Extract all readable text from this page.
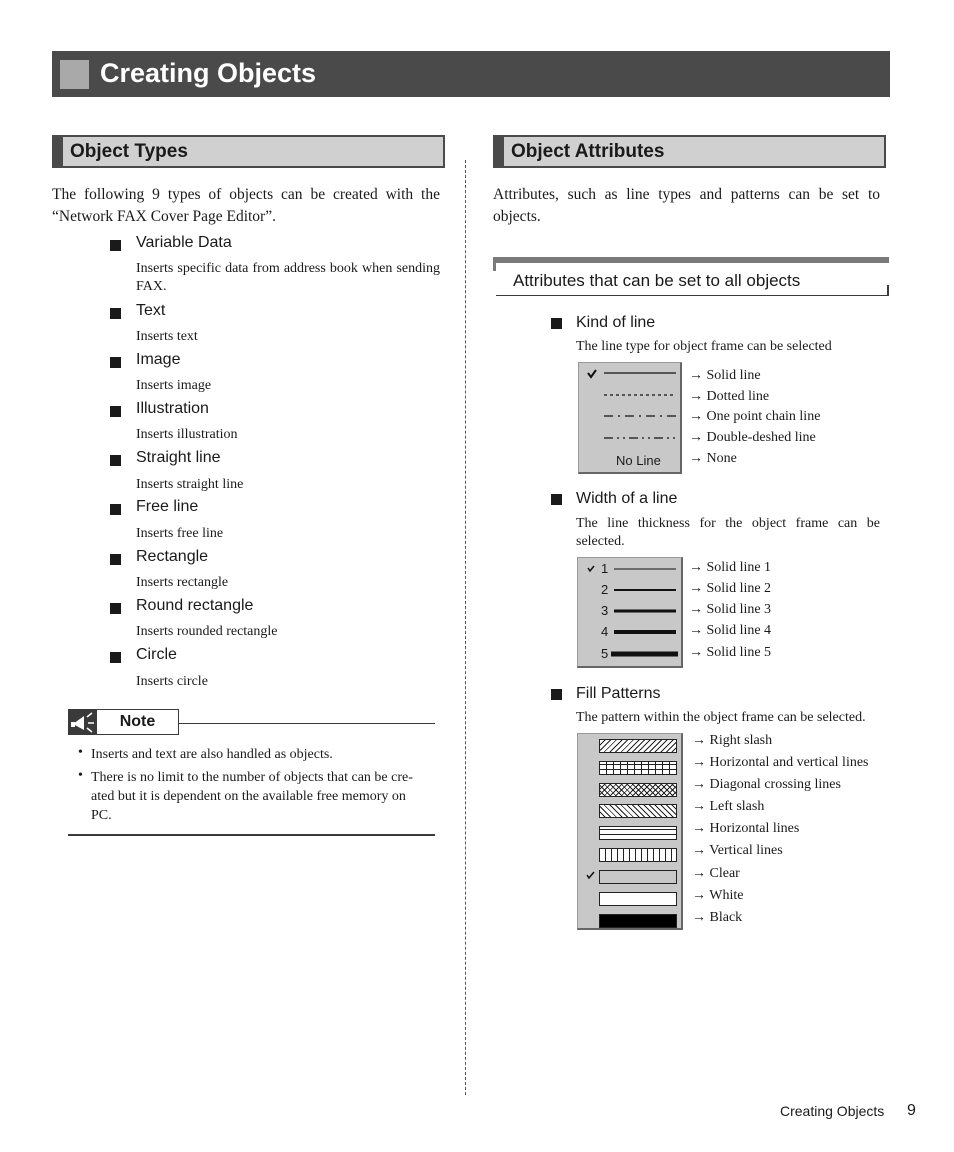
Creating Objects
Object Types
The following 9 types of objects can be created with the “Network FAX Cover Page Editor”.
Variable Data
Inserts specific data from address book when sending FAX.
Text
Inserts text
Image
Inserts image
Illustration
Inserts illustration
Straight line
Inserts straight line
Free line
Inserts free line
Rectangle
Inserts rectangle
Round rectangle
Inserts rounded rectangle
Circle
Inserts circle
Note
• Inserts and text are also handled as objects.
• There is no limit to the number of objects that can be cre-ated but it is dependent on the available free memory on PC.
Object Attributes
Attributes, such as line types and patterns can be set to objects.
Attributes that can be set to all objects
Kind of line
The line type for object frame can be selected
No Line
→ Solid line
→ Dotted line
→ One point chain line
→ Double-deshed line
→ None
Width of a line
The line thickness for the object frame can be selected.
1
2
3
4
5
→ Solid line 1
→ Solid line 2
→ Solid line 3
→ Solid line 4
→ Solid line 5
Fill Patterns
The pattern within the object frame can be selected.
→ Right slash
→ Horizontal and vertical lines
→ Diagonal crossing lines
→ Left slash
→ Horizontal lines
→ Vertical lines
→ Clear
→ White
→ Black
Creating Objects 9
